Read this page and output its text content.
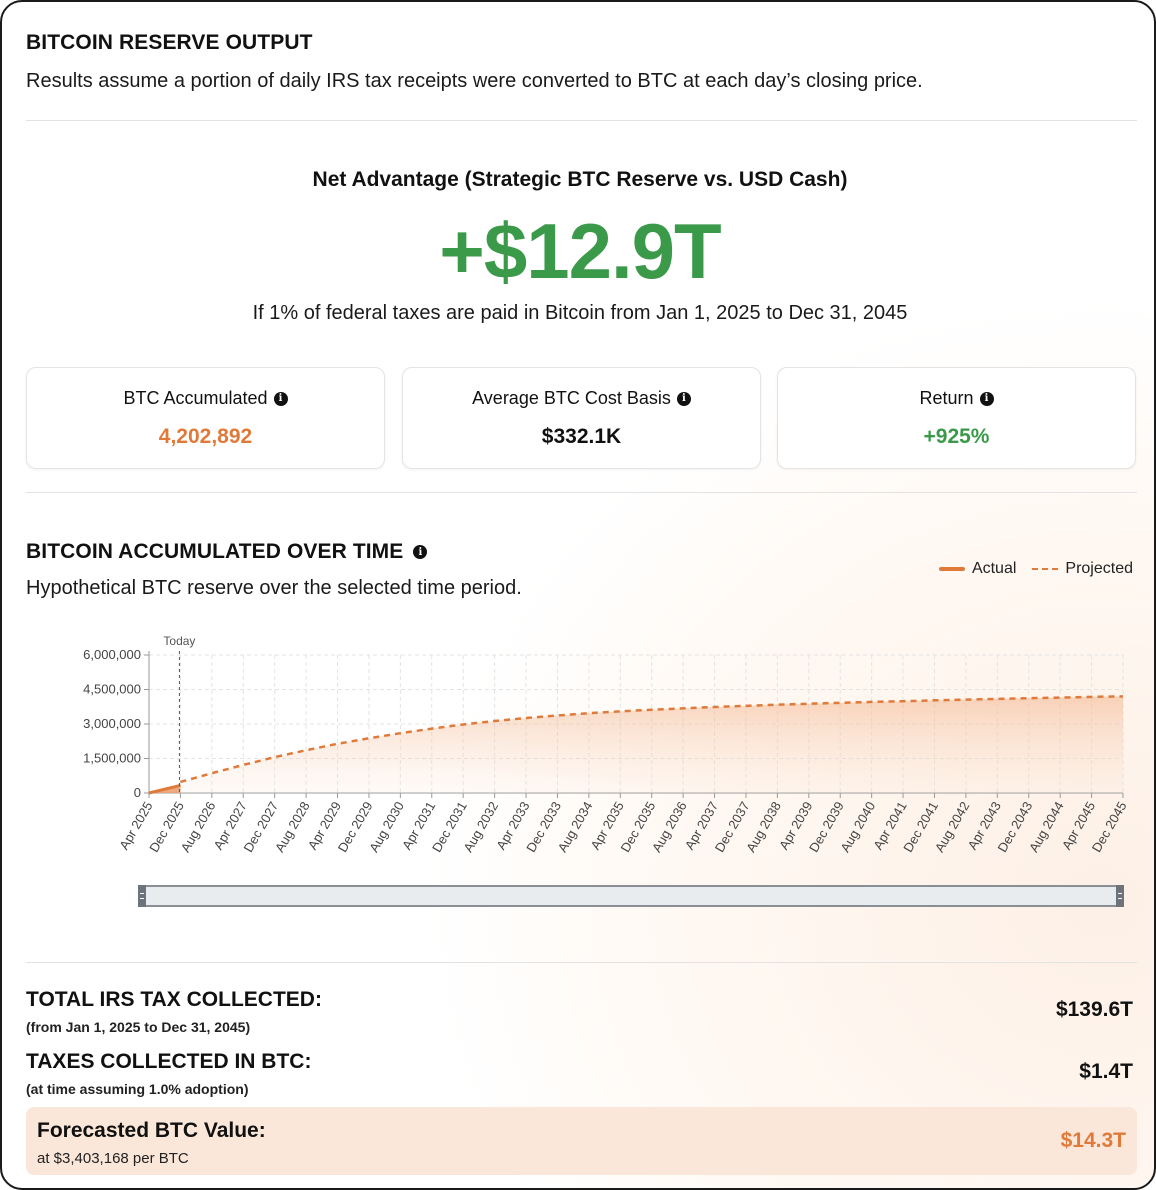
BITCOIN RESERVE OUTPUT
Results assume a portion of daily IRS tax receipts were converted to BTC at each day’s closing price.
Net Advantage (Strategic BTC Reserve vs. USD Cash)
+$12.9T
If 1% of federal taxes are paid in Bitcoin from Jan 1, 2025 to Dec 31, 2045
BTC Accumulated	i
4,202,892
Average BTC Cost Basis	i
$332.1K
Return	i
+925%
BITCOIN ACCUMULATED OVER TIME	i
Hypothetical BTC reserve over the selected time period.
Actual	Projected
0
1,500,000
3,000,000
4,500,000
6,000,000
Apr 2025
Dec 2025
Aug 2026
Apr 2027
Dec 2027
Aug 2028
Apr 2029
Dec 2029
Aug 2030
Apr 2031
Dec 2031
Aug 2032
Apr 2033
Dec 2033
Aug 2034
Apr 2035
Dec 2035
Aug 2036
Apr 2037
Dec 2037
Aug 2038
Apr 2039
Dec 2039
Aug 2040
Apr 2041
Dec 2041
Aug 2042
Apr 2043
Dec 2043
Aug 2044
Apr 2045
Dec 2045
Today
TOTAL IRS TAX COLLECTED:
(from Jan 1, 2025 to Dec 31, 2045)
$139.6T
TAXES COLLECTED IN BTC:
(at time assuming 1.0% adoption)
$1.4T
Forecasted BTC Value:
at $3,403,168 per BTC
$14.3T
